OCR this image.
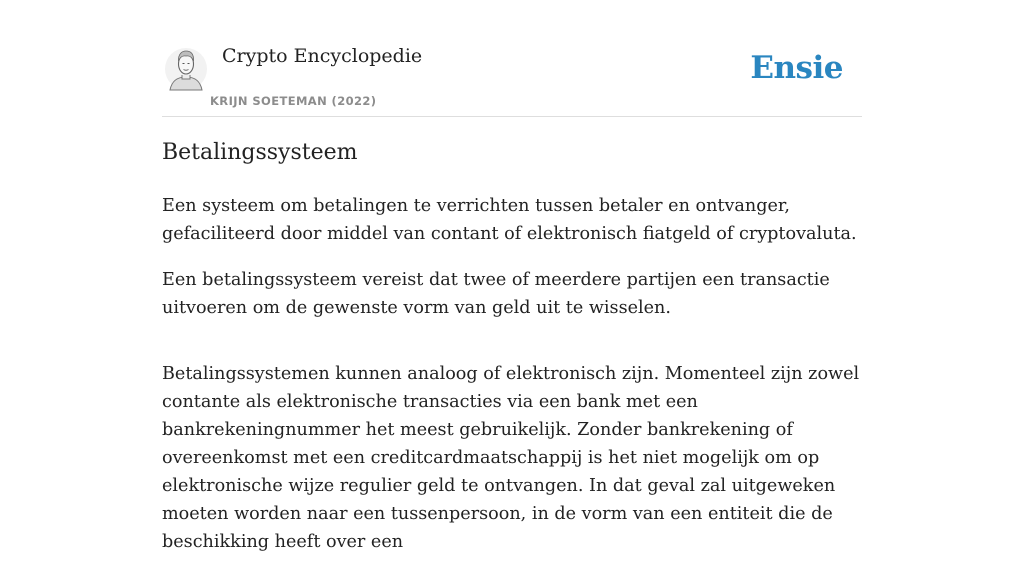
Crypto Encyclopedie
KRIJN SOETEMAN (2022)
Ensie
Betalingssysteem

Een systeem om betalingen te verrichten tussen betaler en ontvanger, gefaciliteerd door middel van contant of elektronisch fiatgeld of cryptovaluta.

Een betalingssysteem vereist dat twee of meerdere partijen een transactie uitvoeren om de gewenste vorm van geld uit te wisselen.

Betalingssystemen kunnen analoog of elektronisch zijn. Momenteel zijn zowel contante als elektronische transacties via een bank met een bankrekeningnummer het meest gebruikelijk. Zonder bankrekening of overeenkomst met een creditcardmaatschappij is het niet mogelijk om op elektronische wijze regulier geld te ontvangen. In dat geval zal uitgeweken moeten worden naar een tussenpersoon, in de vorm van een entiteit die de beschikking heeft over een
